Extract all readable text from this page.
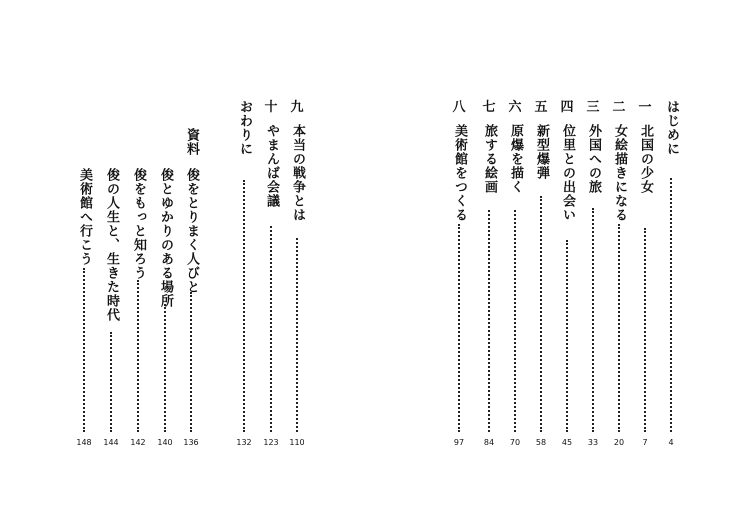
はじめに
4
一
北国の少女
7
二
女絵描きになる
20
三
外国への旅
33
四
位里との出会い
45
五
新型爆弾
58
六
原爆を描く
70
七
旅する絵画
84
八
美術館をつくる
97
九
本当の戦争とは
110
十
やまんば会議
123
おわりに
132
資料
俊をとりまく人びと
136
俊とゆかりのある場所
140
俊をもっと知ろう
142
俊の人生と、生きた時代
144
美術館へ行こう
148
